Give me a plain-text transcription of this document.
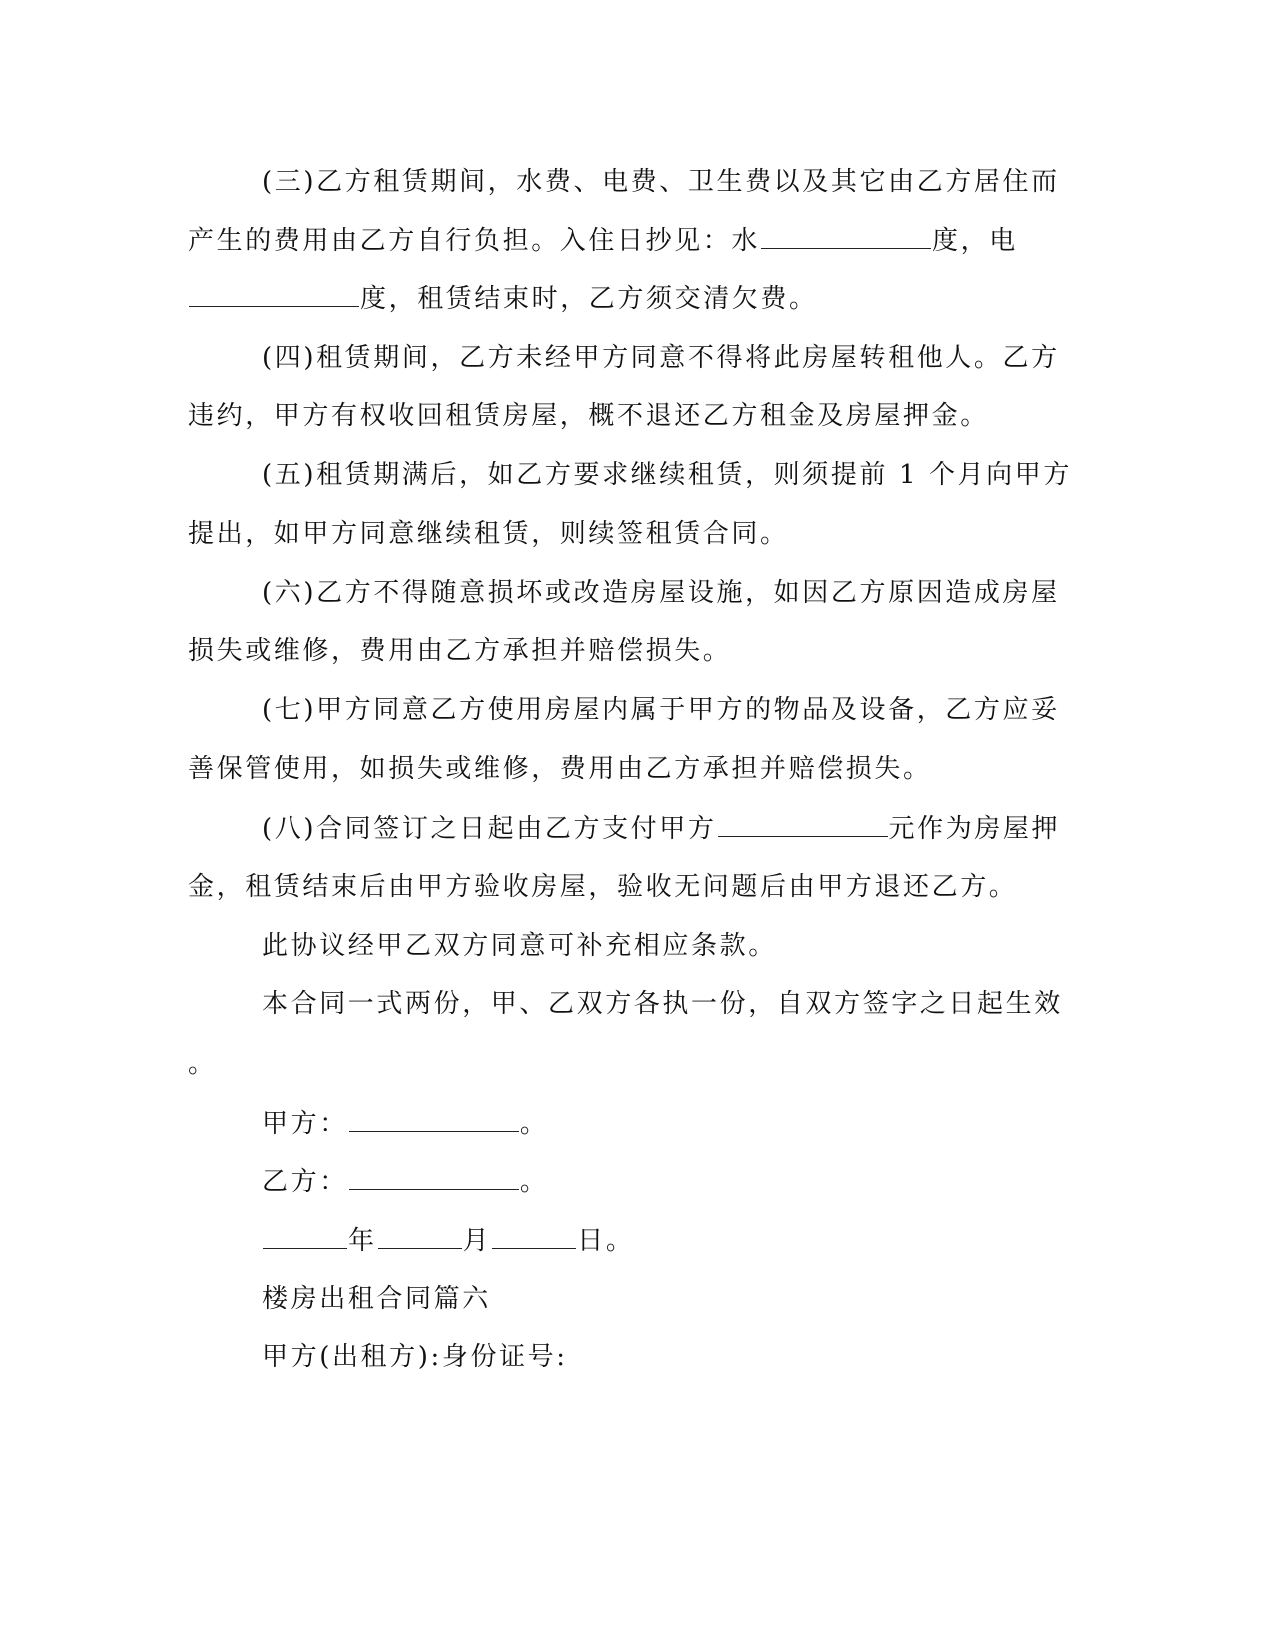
(三)乙方租赁期间，水费、电费、卫生费以及其它由乙方居住而
产生的费用由乙方自行负担。入住日抄见：水	度，电
度，租赁结束时，乙方须交清欠费。
(四)租赁期间，乙方未经甲方同意不得将此房屋转租他人。乙方
违约，甲方有权收回租赁房屋，概不退还乙方租金及房屋押金。
(五)租赁期满后，如乙方要求继续租赁，则须提前 1 个月向甲方
提出，如甲方同意继续租赁，则续签租赁合同。
(六)乙方不得随意损坏或改造房屋设施，如因乙方原因造成房屋
损失或维修，费用由乙方承担并赔偿损失。
(七)甲方同意乙方使用房屋内属于甲方的物品及设备，乙方应妥
善保管使用，如损失或维修，费用由乙方承担并赔偿损失。
(八)合同签订之日起由乙方支付甲方	元作为房屋押
金，租赁结束后由甲方验收房屋，验收无问题后由甲方退还乙方。
此协议经甲乙双方同意可补充相应条款。
本合同一式两份，甲、乙双方各执一份，自双方签字之日起生效
。
甲方：	。
乙方：	。
年	月	日。
楼房出租合同篇六
甲方(出租方):身份证号:
